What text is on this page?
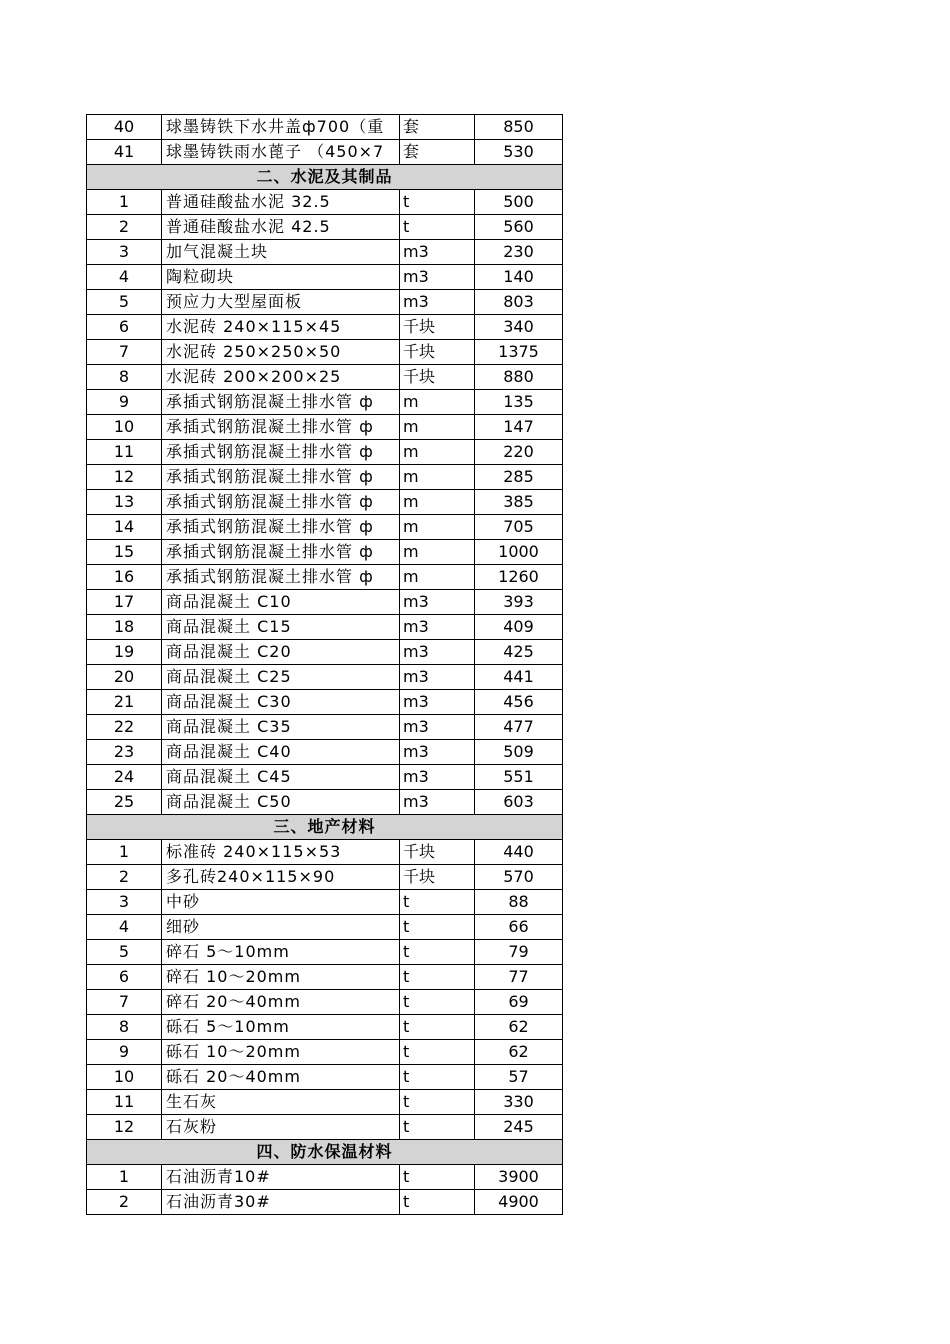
40	球墨铸铁下水井盖ф700（重	套	850
41	球墨铸铁雨水蓖子 （450×7	套	530
二、水泥及其制品			
1	普通硅酸盐水泥 32.5	t	500
2	普通硅酸盐水泥 42.5	t	560
3	加气混凝土块	m3	230
4	陶粒砌块	m3	140
5	预应力大型屋面板	m3	803
6	水泥砖 240×115×45	千块	340
7	水泥砖 250×250×50	千块	1375
8	水泥砖 200×200×25	千块	880
9	承插式钢筋混凝土排水管 ф	m	135
10	承插式钢筋混凝土排水管 ф	m	147
11	承插式钢筋混凝土排水管 ф	m	220
12	承插式钢筋混凝土排水管 ф	m	285
13	承插式钢筋混凝土排水管 ф	m	385
14	承插式钢筋混凝土排水管 ф	m	705
15	承插式钢筋混凝土排水管 ф	m	1000
16	承插式钢筋混凝土排水管 ф	m	1260
17	商品混凝土 C10	m3	393
18	商品混凝土 C15	m3	409
19	商品混凝土 C20	m3	425
20	商品混凝土 C25	m3	441
21	商品混凝土 C30	m3	456
22	商品混凝土 C35	m3	477
23	商品混凝土 C40	m3	509
24	商品混凝土 C45	m3	551
25	商品混凝土 C50	m3	603
三、地产材料			
1	标准砖 240×115×53	千块	440
2	多孔砖240×115×90	千块	570
3	中砂	t	88
4	细砂	t	66
5	碎石 5～10mm	t	79
6	碎石 10～20mm	t	77
7	碎石 20～40mm	t	69
8	砾石 5～10mm	t	62
9	砾石 10～20mm	t	62
10	砾石 20～40mm	t	57
11	生石灰	t	330
12	石灰粉	t	245
四、防水保温材料			
1	石油沥青10#	t	3900
2	石油沥青30#	t	4900
